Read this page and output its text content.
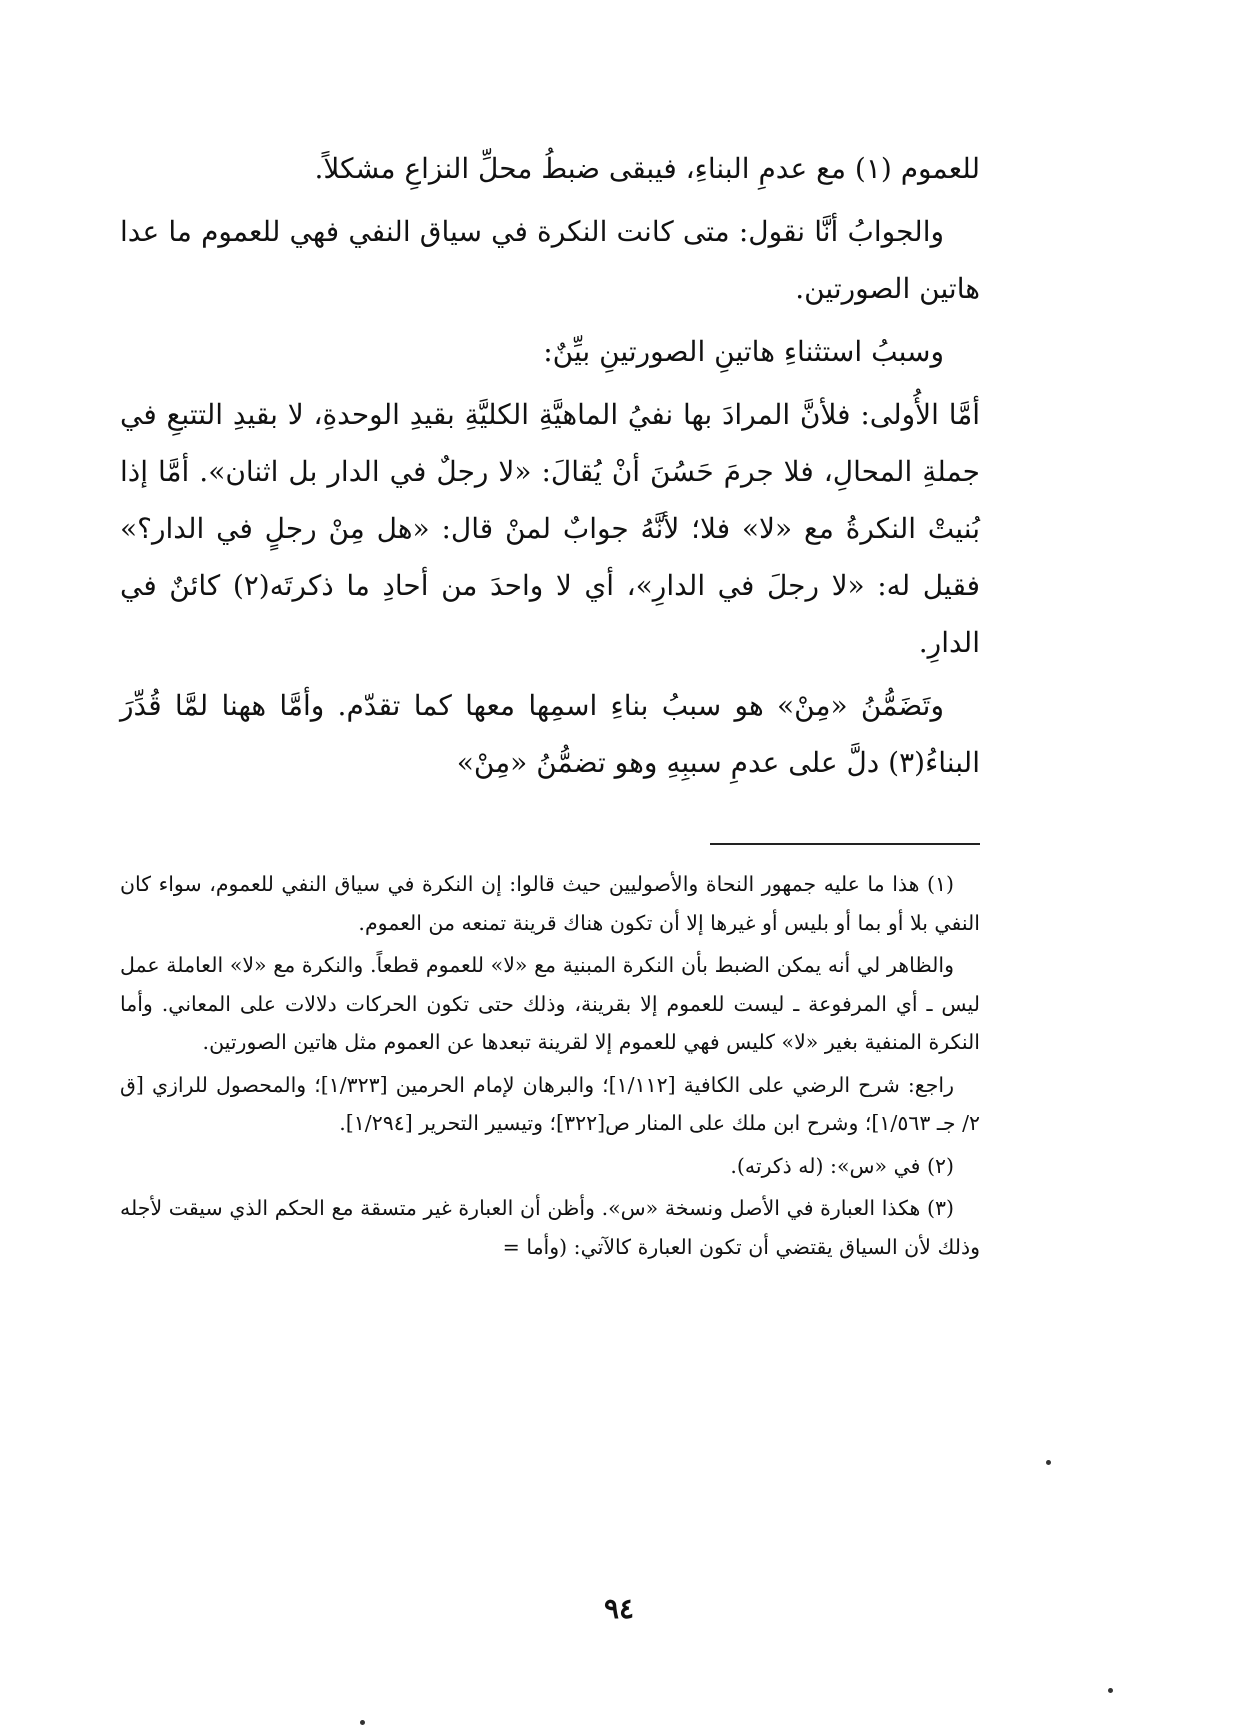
للعموم (١) مع عدمِ البناءِ، فيبقى ضبطُ محلِّ النزاعِ مشكلاً.

والجوابُ أنَّا نقول: متى كانت النكرة في سياق النفي فهي للعموم ما عدا هاتين الصورتين.

وسببُ استثناءِ هاتينِ الصورتينِ بيِّنٌ:

أمَّا الأُولى: فلأنَّ المرادَ بها نفيُ الماهيَّةِ الكليَّةِ بقيدِ الوحدةِ، لا بقيدِ التتبعِ في جملةِ المحالِ، فلا جرمَ حَسُنَ أنْ يُقالَ: «لا رجلٌ في الدار بل اثنان». أمَّا إذا بُنيتْ النكرةُ مع «لا» فلا؛ لأنَّهُ جوابٌ لمنْ قال: «هل مِنْ رجلٍ في الدار؟» فقيل له: «لا رجلَ في الدارِ»، أي لا واحدَ من أحادِ ما ذكرتَه(٢) كائنٌ في الدارِ.

وتَضَمُّنُ «مِنْ» هو سببُ بناءِ اسمِها معها كما تقدّم. وأمَّا ههنا لمَّا قُدِّرَ البناءُ(٣) دلَّ على عدمِ سببِهِ وهو تضمُّنُ «مِنْ»

(١) هذا ما عليه جمهور النحاة والأصوليين حيث قالوا: إن النكرة في سياق النفي للعموم، سواء كان النفي بلا أو بما أو بليس أو غيرها إلا أن تكون هناك قرينة تمنعه من العموم.

والظاهر لي أنه يمكن الضبط بأن النكرة المبنية مع «لا» للعموم قطعاً. والنكرة مع «لا» العاملة عمل ليس ـ أي المرفوعة ـ ليست للعموم إلا بقرينة، وذلك حتى تكون الحركات دلالات على المعاني. وأما النكرة المنفية بغير «لا» كليس فهي للعموم إلا لقرينة تبعدها عن العموم مثل هاتين الصورتين.

راجع: شرح الرضي على الكافية [١/١١٢]؛ والبرهان لإمام الحرمين [١/٣٢٣]؛ والمحصول للرازي [ق ٢/ جـ ١/٥٦٣]؛ وشرح ابن ملك على المنار ص[٣٢٢]؛ وتيسير التحرير [١/٢٩٤].

(٢) في «س»: (له ذكرته).

(٣) هكذا العبارة في الأصل ونسخة «س». وأظن أن العبارة غير متسقة مع الحكم الذي سيقت لأجله وذلك لأن السياق يقتضي أن تكون العبارة كالآتي: (وأما =

٩٤
